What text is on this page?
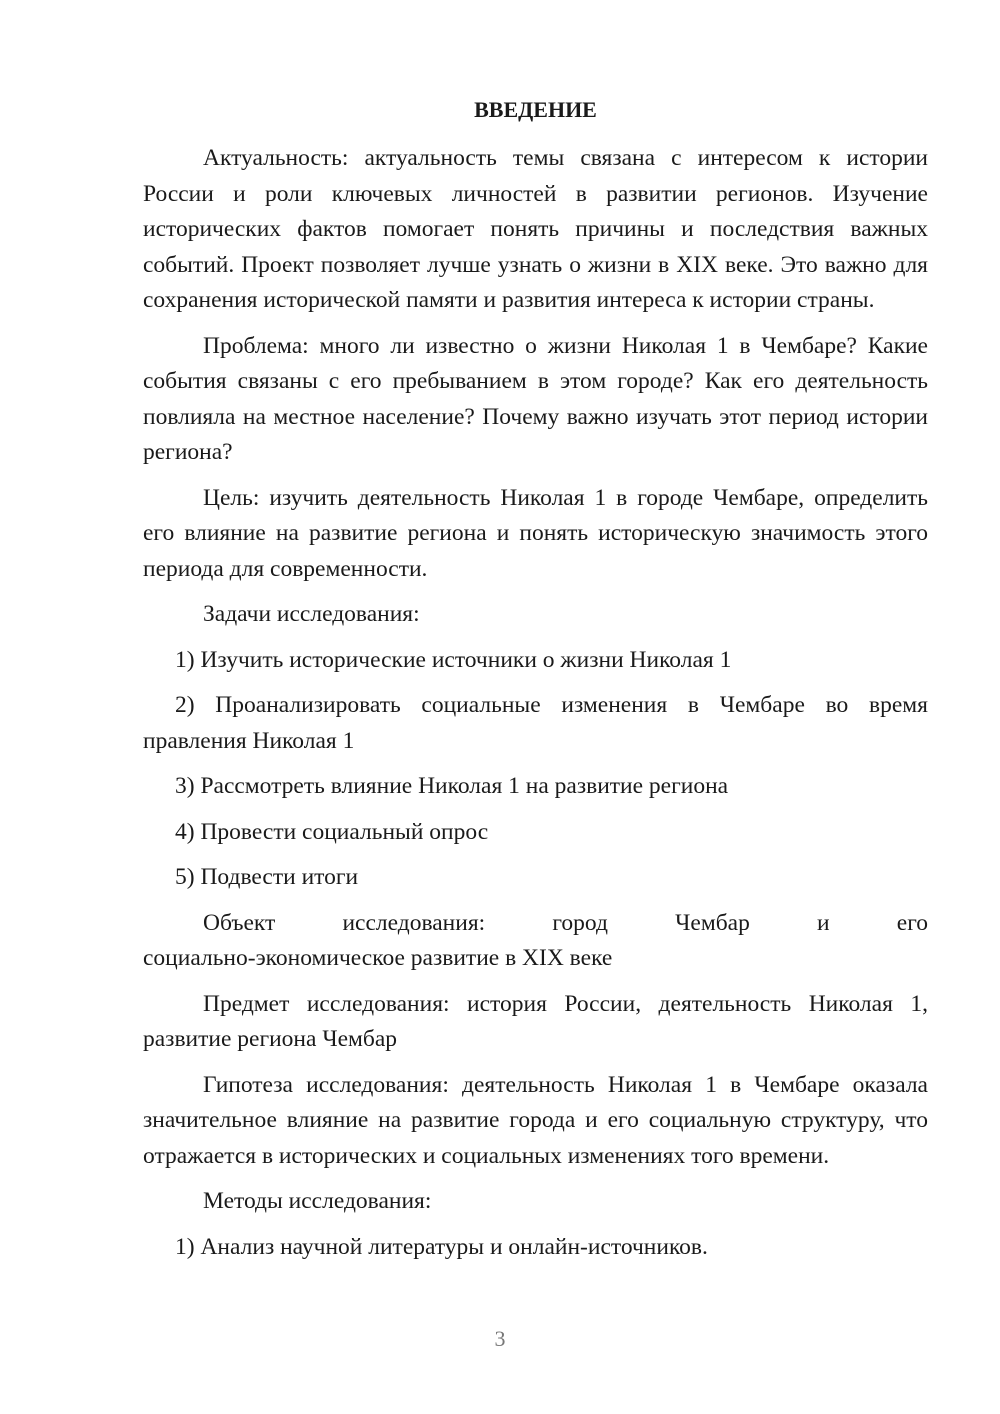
ВВЕДЕНИЕ

Актуальность: актуальность темы связана с интересом к истории России и роли ключевых личностей в развитии регионов. Изучение исторических фактов помогает понять причины и последствия важных событий. Проект позволяет лучше узнать о жизни в XIX веке. Это важно для сохранения исторической памяти и развития интереса к истории страны.

Проблема: много ли известно о жизни Николая 1 в Чембаре? Какие события связаны с его пребыванием в этом городе? Как его деятельность повлияла на местное население? Почему важно изучать этот период истории региона?

Цель: изучить деятельность Николая 1 в городе Чембаре, определить его влияние на развитие региона и понять историческую значимость этого периода для современности.

Задачи исследования:

1) Изучить исторические источники о жизни Николая 1

2) Проанализировать социальные изменения в Чембаре во время правления Николая 1

3) Рассмотреть влияние Николая 1 на развитие региона

4) Провести социальный опрос

5) Подвести итоги

Объект исследования: город Чембар и его

социально-экономическое развитие в XIX веке

Предмет исследования: история России, деятельность Николая 1, развитие региона Чембар

Гипотеза исследования: деятельность Николая 1 в Чембаре оказала значительное влияние на развитие города и его социальную структуру, что отражается в исторических и социальных изменениях того времени.

Методы исследования:

1) Анализ научной литературы и онлайн-источников.

3
